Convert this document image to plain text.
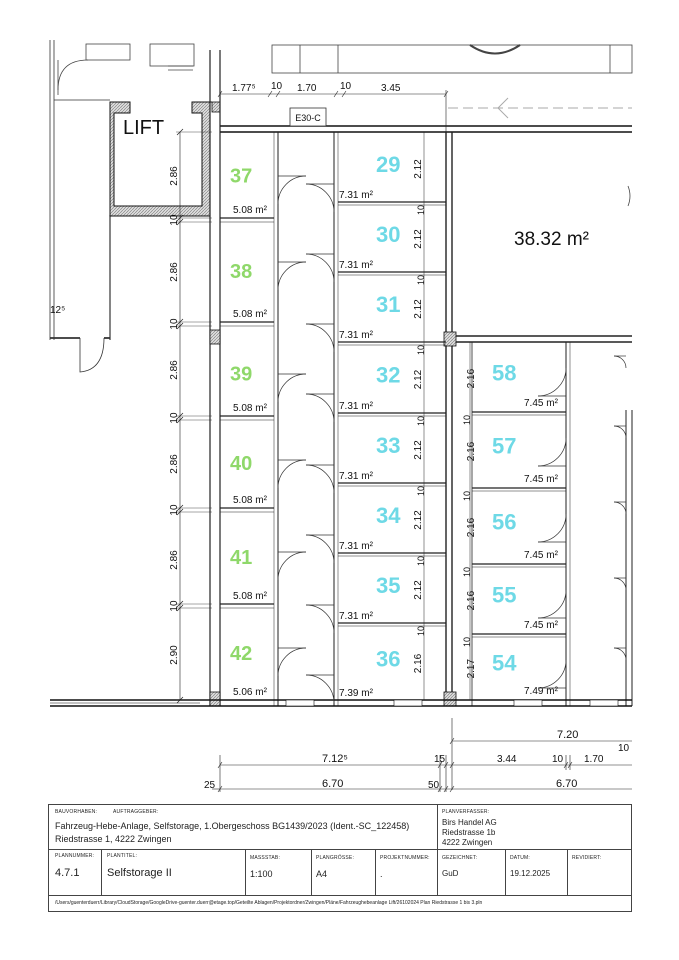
37
5.08 m²
38
5.08 m²
39
5.08 m²
40
5.08 m²
41
5.08 m²
42
5.06 m²
10
10
10
10
10
10
10
29
7.31 m²
2.12
30
7.31 m²
2.12
31
7.31 m²
2.12
32
7.31 m²
2.12
33
7.31 m²
2.12
34
7.31 m²
2.12
35
7.31 m²
2.12
36
7.39 m²
2.16
10
10
10
10
58
7.45 m²
2.16
57
7.45 m²
2.16
56
7.45 m²
2.16
55
7.45 m²
2.16
54
7.49 m²
2.17
2.86
10
2.86
10
2.86
10
2.86
10
2.86
10
2.90
LIFT	E30-C
38.32 m²
12⁵
1.77⁵ 10 1.70 10	3.45
7.12⁵	15
6.70
25	50
7.20
3.44	10 1.70
10
6.70
BAUVORHABEN:	AUFTRAGGEBER:
Fahrzeug-Hebe-Anlage, Selfstorage, 1.Obergeschoss BG1439/2023 (Ident.-SC_122458)
Riedstrasse 1, 4222 Zwingen
PLANVERFASSER:
Birs Handel AG
Riedstrasse 1b
4222 Zwingen
PLANNUMMER:
4.7.1
PLANTITEL:
Selfstorage II
MASSSTAB:
1:100
PLANGRÖSSE:
A4
PROJEKTNUMMER:
.
GEZEICHNET:
GuD
DATUM:
19.12.2025
REVIDIERT:
/Users/guenterduerr/Library/CloudStorage/GoogleDrive-guenter.duerr@etage.top/Geteilte Ablagen/Projektordner/Zwingen/Pläne/Fahrzeughebeanlage Lift/26102024 Plan Riedstrasse 1 bis 3.pln
